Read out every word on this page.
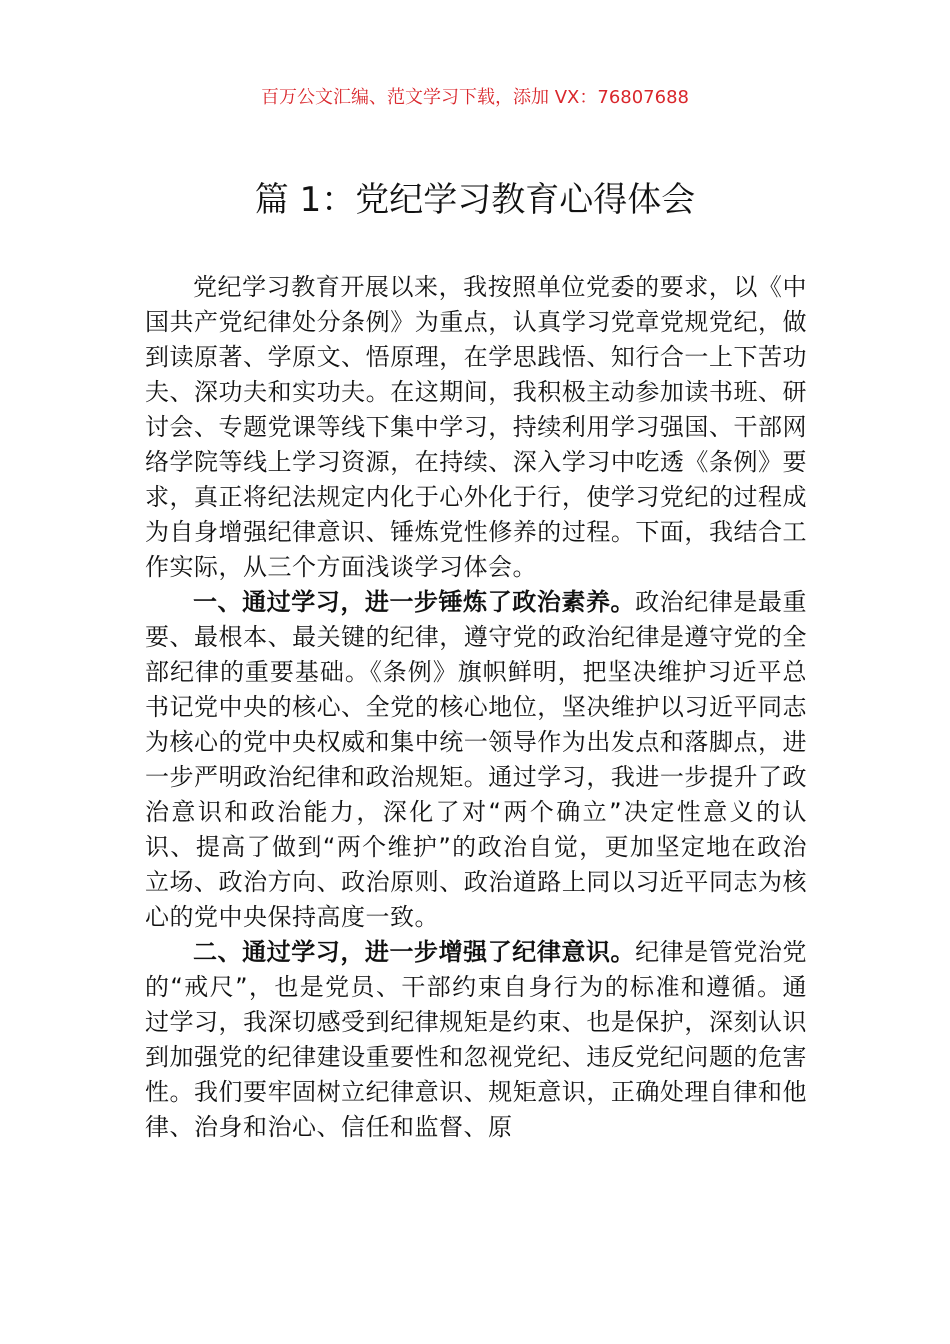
百万公文汇编、范文学习下载，添加 VX：76807688
篇 1：党纪学习教育心得体会

党纪学习教育开展以来，我按照单位党委的要求，以《中国共产党纪律处分条例》为重点，认真学习党章党规党纪，做到读原著、学原文、悟原理，在学思践悟、知行合一上下苦功夫、深功夫和实功夫。在这期间，我积极主动参加读书班、研讨会、专题党课等线下集中学习，持续利用学习强国、干部网络学院等线上学习资源，在持续、深入学习中吃透《条例》要求，真正将纪法规定内化于心外化于行，使学习党纪的过程成为自身增强纪律意识、锤炼党性修养的过程。下面，我结合工作实际，从三个方面浅谈学习体会。

一、通过学习，进一步锤炼了政治素养。政治纪律是最重要、最根本、最关键的纪律，遵守党的政治纪律是遵守党的全部纪律的重要基础。《条例》旗帜鲜明，把坚决维护习近平总书记党中央的核心、全党的核心地位，坚决维护以习近平同志为核心的党中央权威和集中统一领导作为出发点和落脚点，进一步严明政治纪律和政治规矩。通过学习，我进一步提升了政治意识和政治能力，深化了对“两个确立”决定性意义的认识、提高了做到“两个维护”的政治自觉，更加坚定地在政治立场、政治方向、政治原则、政治道路上同以习近平同志为核心的党中央保持高度一致。

二、通过学习，进一步增强了纪律意识。纪律是管党治党的“戒尺”，也是党员、干部约束自身行为的标准和遵循。通过学习，我深切感受到纪律规矩是约束、也是保护，深刻认识到加强党的纪律建设重要性和忽视党纪、违反党纪问题的危害性。我们要牢固树立纪律意识、规矩意识，正确处理自律和他律、治身和治心、信任和监督、原
